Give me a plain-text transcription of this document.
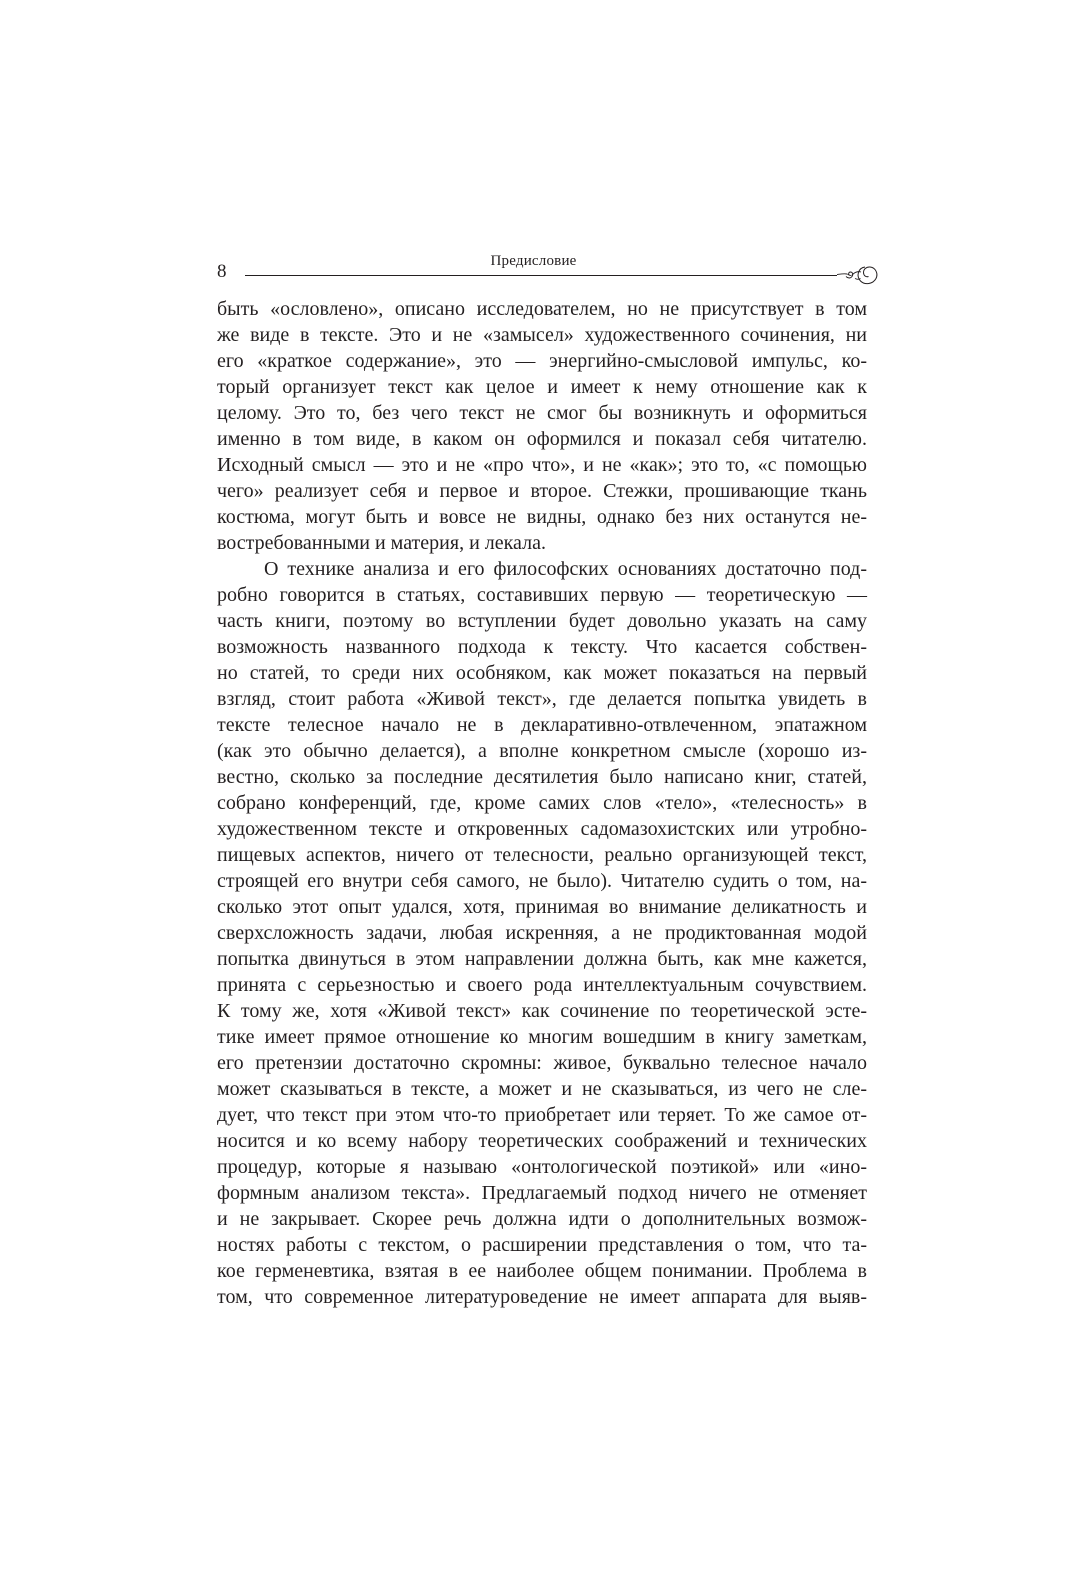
8	Предисловие

быть «ословлено», описано исследователем, но не присутствует в том
же виде в тексте. Это и не «замысел» художественного сочинения, ни
его «краткое содержание», это — энергийно-смысловой импульс, ко-
торый организует текст как целое и имеет к нему отношение как к
целому. Это то, без чего текст не смог бы возникнуть и оформиться
именно в том виде, в каком он оформился и показал себя читателю.
Исходный смысл — это и не «про что», и не «как»; это то, «с помощью
чего» реализует себя и первое и второе. Стежки, прошивающие ткань
костюма, могут быть и вовсе не видны, однако без них останутся не-
востребованными и материя, и лекала.

О технике анализа и его философских основаниях достаточно под-
робно говорится в статьях, составивших первую — теоретическую —
часть книги, поэтому во вступлении будет довольно указать на саму
возможность названного подхода к тексту. Что касается собствен-
но статей, то среди них особняком, как может показаться на первый
взгляд, стоит работа «Живой текст», где делается попытка увидеть в
тексте телесное начало не в декларативно-отвлеченном, эпатажном
(как это обычно делается), а вполне конкретном смысле (хорошо из-
вестно, сколько за последние десятилетия было написано книг, статей,
собрано конференций, где, кроме самих слов «тело», «телесность» в
художественном тексте и откровенных садомазохистских или утробно-
пищевых аспектов, ничего от телесности, реально организующей текст,
строящей его внутри себя самого, не было). Читателю судить о том, на-
сколько этот опыт удался, хотя, принимая во внимание деликатность и
сверхсложность задачи, любая искренняя, а не продиктованная модой
попытка двинуться в этом направлении должна быть, как мне кажется,
принята с серьезностью и своего рода интеллектуальным сочувствием.
К тому же, хотя «Живой текст» как сочинение по теоретической эсте-
тике имеет прямое отношение ко многим вошедшим в книгу заметкам,
его претензии достаточно скромны: живое, буквально телесное начало
может сказываться в тексте, а может и не сказываться, из чего не сле-
дует, что текст при этом что-то приобретает или теряет. То же самое от-
носится и ко всему набору теоретических соображений и технических
процедур, которые я называю «онтологической поэтикой» или «ино-
формным анализом текста». Предлагаемый подход ничего не отменяет
и не закрывает. Скорее речь должна идти о дополнительных возмож-
ностях работы с текстом, о расширении представления о том, что та-
кое герменевтика, взятая в ее наиболее общем понимании. Проблема в
том, что современное литературоведение не имеет аппарата для выяв-
